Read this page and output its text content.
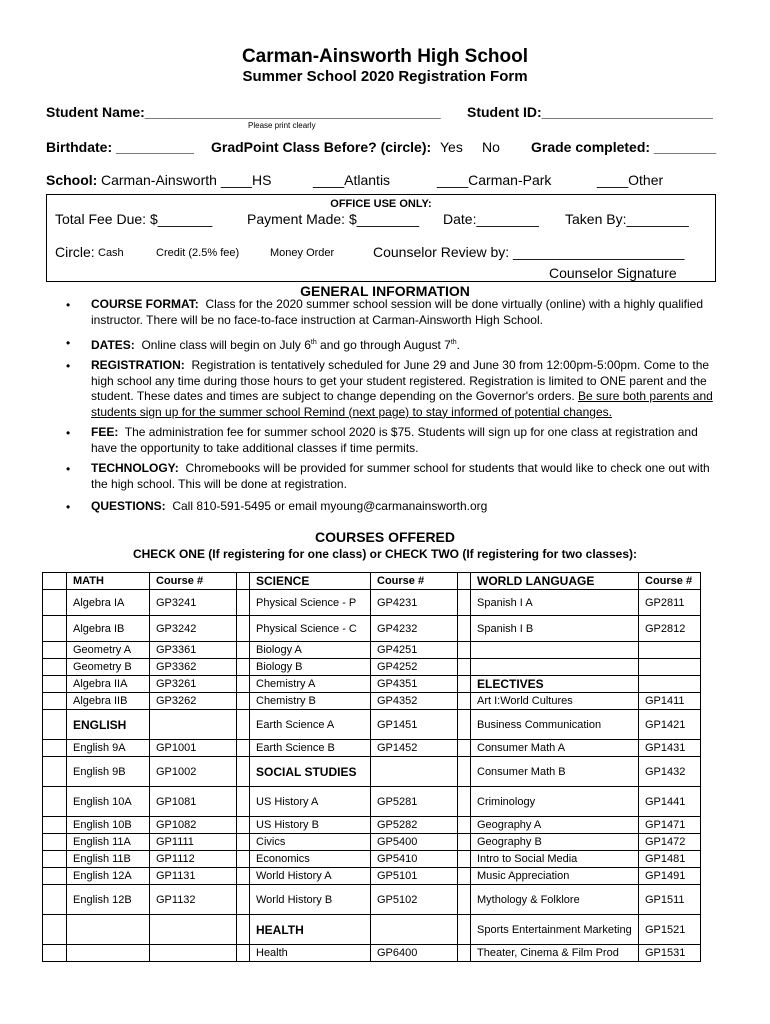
Carman-Ainsworth High School
Summer School 2020 Registration Form
Student Name:______________________________________
Please print clearly
Student ID:______________________
Birthdate: __________ GradPoint Class Before? (circle): Yes No Grade completed: ________
School: Carman-Ainsworth ____HS	____Atlantis	____Carman-Park	____Other
OFFICE USE ONLY:
Total Fee Due: $_______ Payment Made: $________ Date:________ Taken By:________
Circle: Cash	Credit (2.5% fee)	Money Order	Counselor Review by: ______________________
Counselor Signature
GENERAL INFORMATION
• COURSE FORMAT: Class for the 2020 summer school session will be done virtually (online) with a highly qualified instructor. There will be no face-to-face instruction at Carman-Ainsworth High School.
• DATES: Online class will begin on July 6th and go through August 7th.
• REGISTRATION: Registration is tentatively scheduled for June 29 and June 30 from 12:00pm-5:00pm. Come to the high school any time during those hours to get your student registered. Registration is limited to ONE parent and the student. These dates and times are subject to change depending on the Governor's orders. Be sure both parents and students sign up for the summer school Remind (next page) to stay informed of potential changes.
• FEE: The administration fee for summer school 2020 is $75. Students will sign up for one class at registration and have the opportunity to take additional classes if time permits.
• TECHNOLOGY: Chromebooks will be provided for summer school for students that would like to check one out with the high school. This will be done at registration.
• QUESTIONS: Call 810-591-5495 or email myoung@carmanainsworth.org
COURSES OFFERED
CHECK ONE (If registering for one class) or CHECK TWO (If registering for two classes):
	MATH	Course #		SCIENCE	Course #		WORLD LANGUAGE	Course #
	Algebra IA	GP3241		Physical Science - P	GP4231		Spanish I A	GP2811
	Algebra IB	GP3242		Physical Science - C	GP4232		Spanish I B	GP2812
	Geometry A	GP3361		Biology A	GP4251			
	Geometry B	GP3362		Biology B	GP4252			
	Algebra IIA	GP3261		Chemistry A	GP4351		ELECTIVES	
	Algebra IIB	GP3262		Chemistry B	GP4352		Art I:World Cultures	GP1411
	ENGLISH			Earth Science A	GP1451		Business Communication	GP1421
	English 9A	GP1001		Earth Science B	GP1452		Consumer Math A	GP1431
	English 9B	GP1002		SOCIAL STUDIES			Consumer Math B	GP1432
	English 10A	GP1081		US History A	GP5281		Criminology	GP1441
	English 10B	GP1082		US History B	GP5282		Geography A	GP1471
	English 11A	GP1111		Civics	GP5400		Geography B	GP1472
	English 11B	GP1112		Economics	GP5410		Intro to Social Media	GP1481
	English 12A	GP1131		World History A	GP5101		Music Appreciation	GP1491
	English 12B	GP1132		World History B	GP5102		Mythology & Folklore	GP1511
				HEALTH			Sports Entertainment Marketing	GP1521
				Health	GP6400		Theater, Cinema & Film Prod	GP1531
